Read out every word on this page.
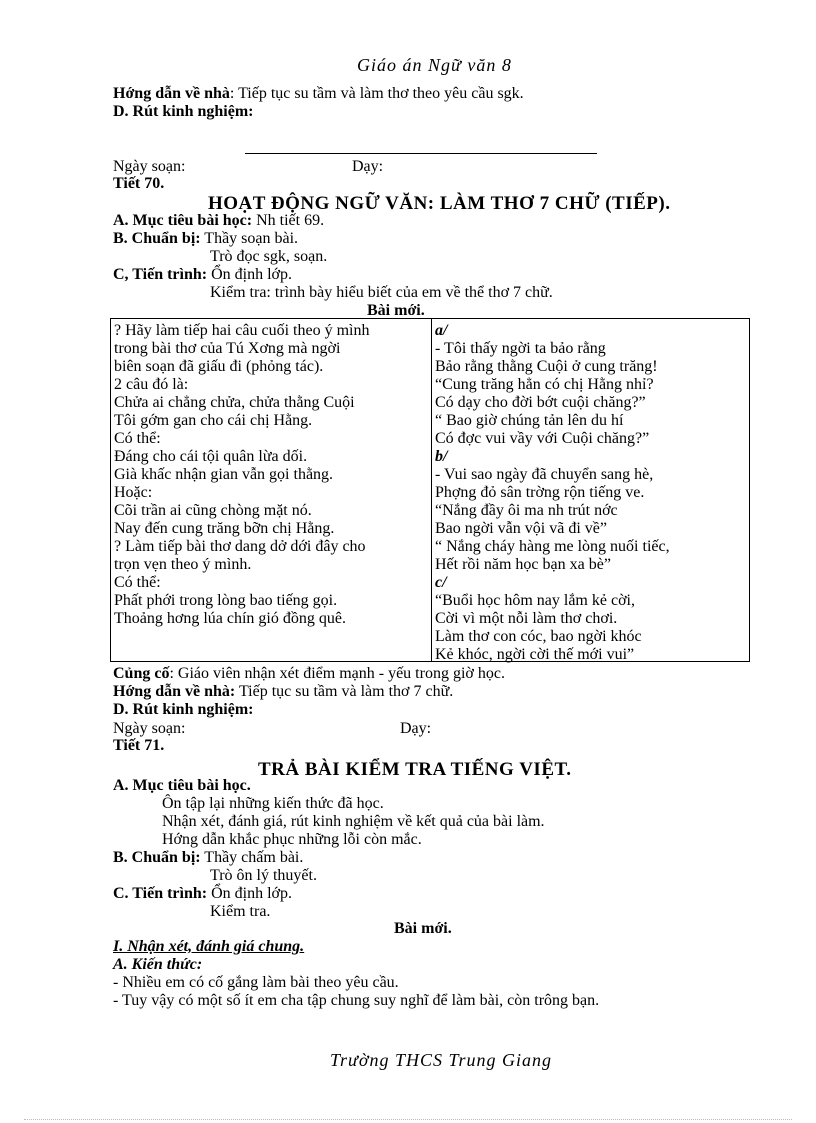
Giáo án Ngữ văn 8
Hớng dẫn về nhà: Tiếp tục su tầm và làm thơ theo yêu cầu sgk.
D. Rút kinh nghiệm:
Ngày soạn:	Dạy:
Tiết 70.
HOẠT ĐỘNG NGỮ VĂN: LÀM THƠ 7 CHỮ (TIẾP).
A. Mục tiêu bài học: Nh tiết 69.
B. Chuẩn bị: Thầy soạn bài.
Trò đọc sgk, soạn.
C, Tiến trình: Ổn định lớp.
Kiểm tra: trình bày hiểu biết của em về thể thơ 7 chữ.
Bài mới.
? Hãy làm tiếp hai câu cuối theo ý mình
trong bài thơ của Tú Xơng mà ngời
biên soạn đã giấu đi (phỏng tác).
2 câu đó là:
Chửa ai chẳng chửa, chửa thằng Cuội
Tôi gớm gan cho cái chị Hằng.
Có thể:
Đáng cho cái tội quân lừa dối.
Già khấc nhận gian vẫn gọi thằng.
Hoặc:
Cõi trần ai cũng chòng mặt nó.
Nay đến cung trăng bỡn chị Hằng.
? Làm tiếp bài thơ dang dở dới đây cho
trọn vẹn theo ý mình.
Có thể:
Phất phới trong lòng bao tiếng gọi.
Thoảng hơng lúa chín gió đồng quê.
a/
- Tôi thấy ngời ta bảo rằng
Bảo rằng thằng Cuội ở cung trăng!
“Cung trăng hẳn có chị Hằng nhỉ?
Có dạy cho đời bớt cuội chăng?”
“ Bao giờ chúng tản lên du hí
Có đợc vui vầy với Cuội chăng?”
b/
- Vui sao ngày đã chuyển sang hè,
Phợng đỏ sân trờng rộn tiếng ve.
“Nắng đầy ôi ma nh trút nớc
Bao ngời vẫn vội vã đi về”
“ Nắng cháy hàng me lòng nuối tiếc,
Hết rồi năm học bạn xa bè”
c/
“Buổi học hôm nay lắm kẻ cời,
Cời vì một nỗi làm thơ chơi.
Làm thơ con cóc, bao ngời khóc
Kẻ khóc, ngời cời thế mới vui”
Củng cố: Giáo viên nhận xét điểm mạnh - yếu trong giờ học.
Hớng dẫn về nhà: Tiếp tục su tầm và làm thơ 7 chữ.
D. Rút kinh nghiệm:
Ngày soạn:	Dạy:
Tiết 71.
TRẢ BÀI KIỂM TRA TIẾNG VIỆT.
A. Mục tiêu bài học.
Ôn tập lại những kiến thức đã học.
Nhận xét, đánh giá, rút kinh nghiệm về kết quả của bài làm.
Hớng dẫn khắc phục những lỗi còn mắc.
B. Chuẩn bị: Thầy chấm bài.
Trò ôn lý thuyết.
C. Tiến trình: Ổn định lớp.
Kiểm tra.
Bài mới.
I. Nhận xét, đánh giá chung.
A. Kiến thức:
- Nhiều em có cố gắng làm bài theo yêu cầu.
- Tuy vậy có một số ít em cha tập chung suy nghĩ để làm bài, còn trông bạn.
Trường THCS Trung Giang
